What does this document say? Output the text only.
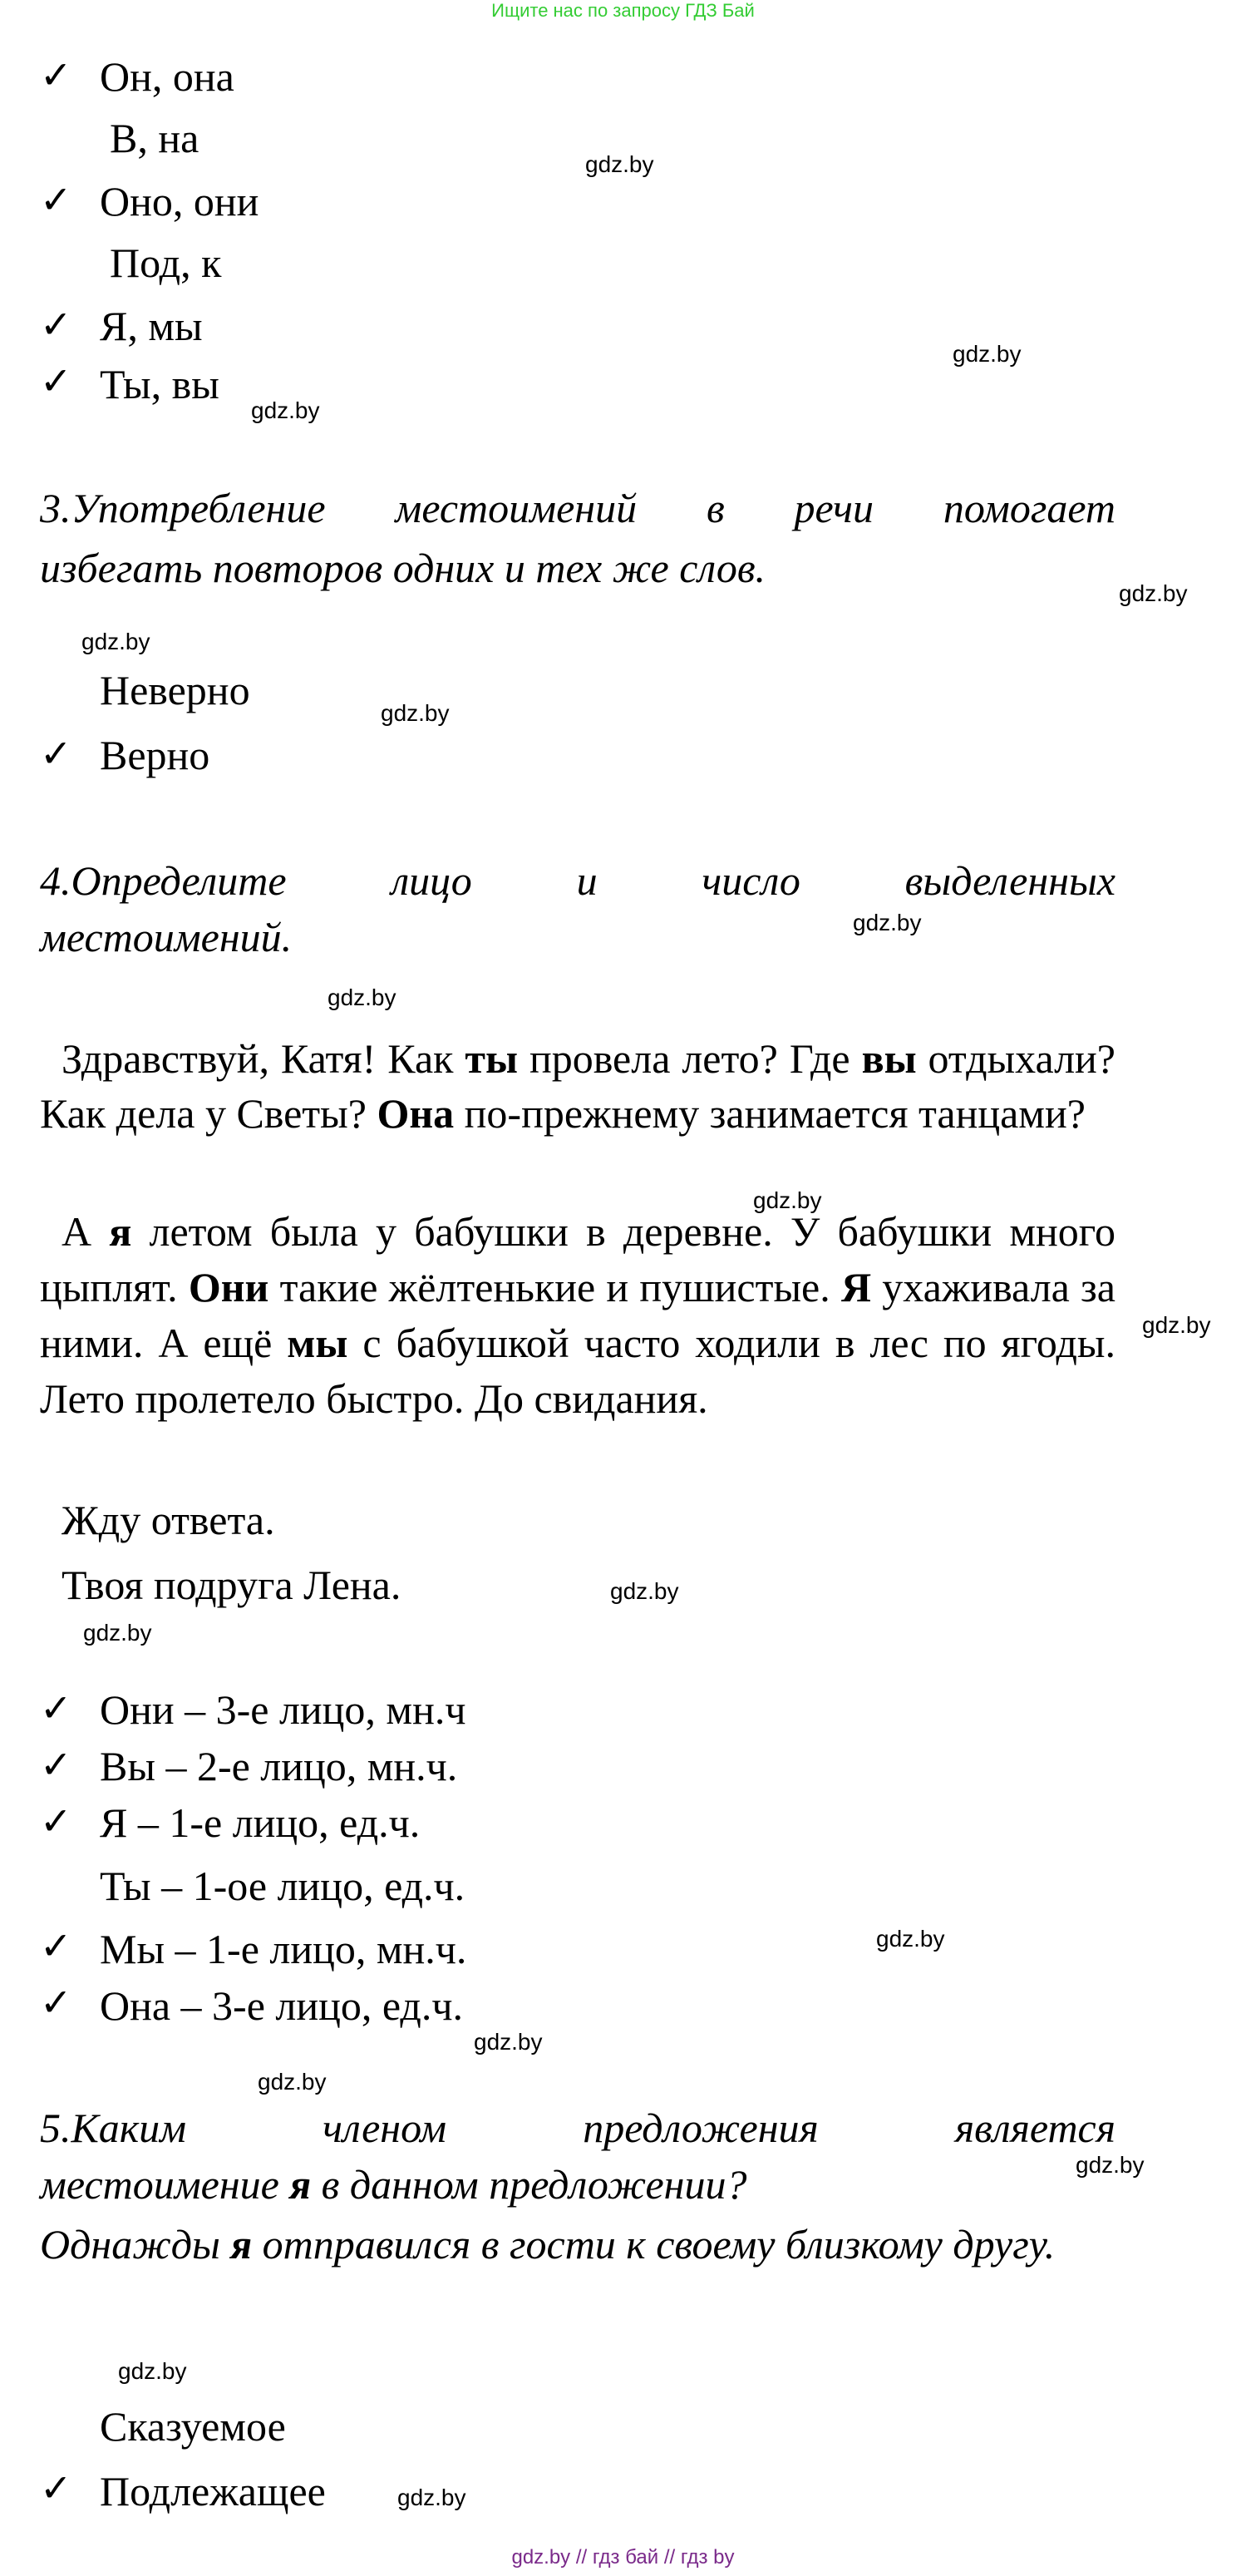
Ищите нас по запросу ГДЗ Бай
gdz.by // гдз бай // гдз by
✓ Он, она
В, на
✓ Оно, они
Под, к
✓ Я, мы
✓ Ты, вы
3.Употребление местоимений в речи помогает
избегать повторов одних и тех же слов.
Неверно
✓ Верно
4.Определите лицо и число выделенных
местоимений.
Здравствуй, Катя! Как ты провела лето? Где вы отдыхали? Как дела у Светы? Она по-прежнему занимается танцами?
А я летом была у бабушки в деревне. У бабушки много цыплят. Они такие жёлтенькие и пушистые. Я ухаживала за ними. А ещё мы с бабушкой часто ходили в лес по ягоды. Лето пролетело быстро. До свидания.
Жду ответа.
Твоя подруга Лена.
✓ Они – 3-е лицо, мн.ч
✓ Вы – 2-е лицо, мн.ч.
✓ Я – 1-е лицо, ед.ч.
Ты – 1-ое лицо, ед.ч.
✓ Мы – 1-е лицо, мн.ч.
✓ Она – 3-е лицо, ед.ч.
5.Каким членом предложения является
местоимение я в данном предложении?
Однажды я отправился в гости к своему близкому другу.
Сказуемое
✓ Подлежащее
gdz.by
gdz.by
gdz.by
gdz.by
gdz.by
gdz.by
gdz.by
gdz.by
gdz.by
gdz.by
gdz.by
gdz.by
gdz.by
gdz.by
gdz.by
gdz.by
gdz.by
gdz.by
